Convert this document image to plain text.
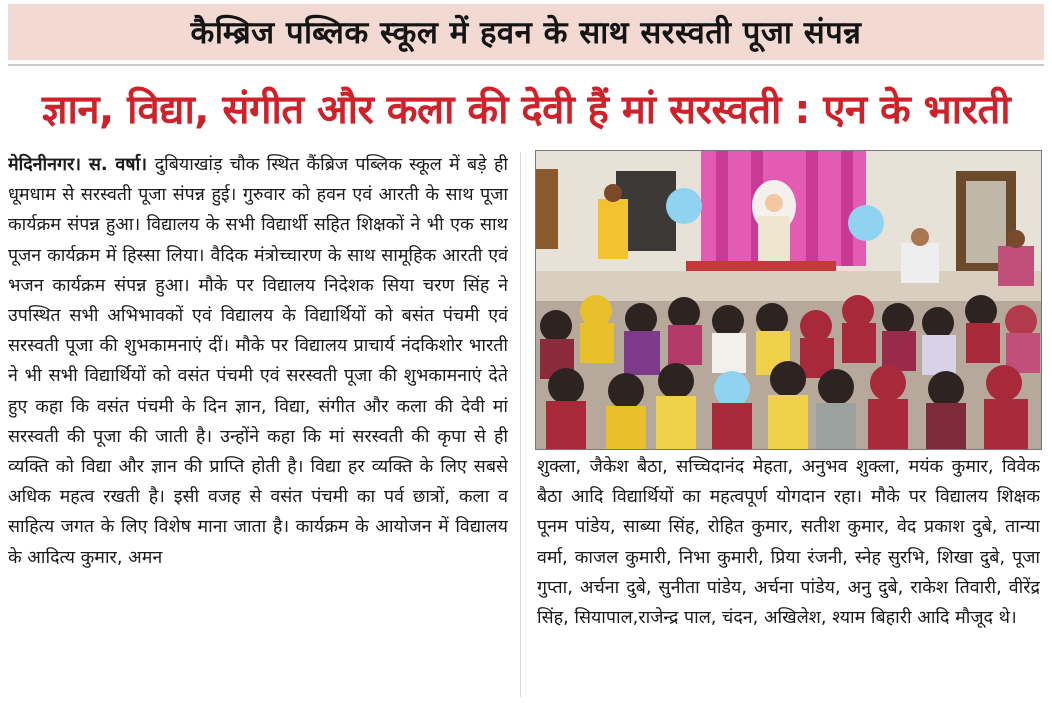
कैम्ब्रिज पब्लिक स्कूल में हवन के साथ सरस्वती पूजा संपन्न
ज्ञान, विद्या, संगीत और कला की देवी हैं मां सरस्वती : एन के भारती
मेदिनीनगर। स. वर्षा। दुबियाखांड़ चौक स्थित कैंब्रिज पब्लिक स्कूल में बड़े ही धूमधाम से सरस्वती पूजा संपन्न हुई। गुरुवार को हवन एवं आरती के साथ पूजा कार्यक्रम संपन्न हुआ। विद्यालय के सभी विद्यार्थी सहित शिक्षकों ने भी एक साथ पूजन कार्यक्रम में हिस्सा लिया। वैदिक मंत्रोच्चारण के साथ सामूहिक आरती एवं भजन कार्यक्रम संपन्न हुआ। मौके पर विद्यालय निदेशक सिया चरण सिंह ने उपस्थित सभी अभिभावकों एवं विद्यालय के विद्यार्थियों को बसंत पंचमी एवं सरस्वती पूजा की शुभकामनाएं दीं। मौके पर विद्यालय प्राचार्य नंदकिशोर भारती ने भी सभी विद्यार्थियों को वसंत पंचमी एवं सरस्वती पूजा की शुभकामनाएं देते हुए कहा कि वसंत पंचमी के दिन ज्ञान, विद्या, संगीत और कला की देवी मां सरस्वती की पूजा की जाती है। उन्होंने कहा कि मां सरस्वती की कृपा से ही व्यक्ति को विद्या और ज्ञान की प्राप्ति होती है। विद्या हर व्यक्ति के लिए सबसे अधिक महत्व रखती है। इसी वजह से वसंत पंचमी का पर्व छात्रों, कला व साहित्य जगत के लिए विशेष माना जाता है। कार्यक्रम के आयोजन में विद्यालय के आदित्य कुमार, अमन
शुक्ला, जैकेश बैठा, सच्चिदानंद मेहता, अनुभव शुक्ला, मयंक कुमार, विवेक बैठा आदि विद्यार्थियों का महत्वपूर्ण योगदान रहा। मौके पर विद्यालय शिक्षक पूनम पांडेय, साब्या सिंह, रोहित कुमार, सतीश कुमार, वेद प्रकाश दुबे, तान्या वर्मा, काजल कुमारी, निभा कुमारी, प्रिया रंजनी, स्नेह सुरभि, शिखा दुबे, पूजा गुप्ता, अर्चना दुबे, सुनीता पांडेय, अर्चना पांडेय, अनु दुबे, राकेश तिवारी, वीरेंद्र सिंह, सियापाल,राजेन्द्र पाल, चंदन, अखिलेश, श्याम बिहारी आदि मौजूद थे।
